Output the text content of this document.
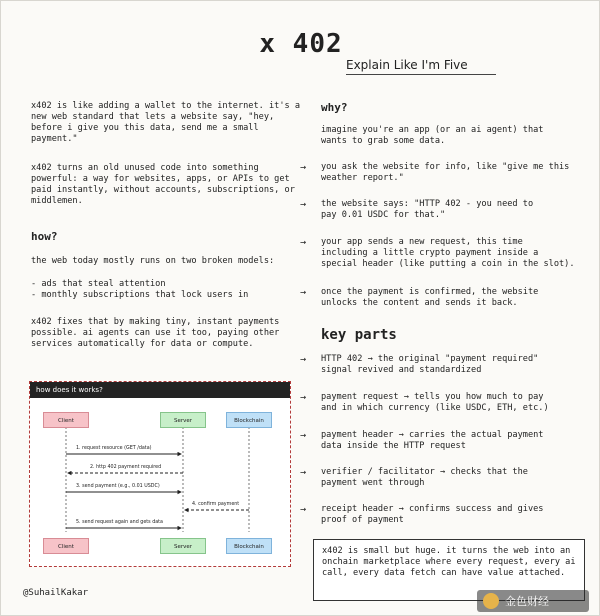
x 402
Explain Like I'm Five
x402 is like adding a wallet to the internet. it's a
new web standard that lets a website say, "hey,
before i give you this data, send me a small
payment."
x402 turns an old unused code into something
powerful: a way for websites, apps, or APIs to get
paid instantly, without accounts, subscriptions, or
middlemen.
how?
the web today mostly runs on two broken models:
- ads that steal attention
- monthly subscriptions that lock users in
x402 fixes that by making tiny, instant payments
possible. ai agents can use it too, paying other
services automatically for data or compute.
how does it works?
Client	Server	Blockchain
1. request resource (GET /data)
2. http 402 payment required
3. send payment (e.g., 0.01 USDC)
4. confirm payment
5. send request again and gets data
Client	Server	Blockchain
why?
imagine you're an app (or an ai agent) that
wants to grab some data.
→ you ask the website for info, like "give me this
weather report."
→ the website says: "HTTP 402 - you need to
pay 0.01 USDC for that."
→ your app sends a new request, this time
including a little crypto payment inside a
special header (like putting a coin in the slot).
→ once the payment is confirmed, the website
unlocks the content and sends it back.
key parts
→ HTTP 402 → the original "payment required"
signal revived and standardized
→ payment request → tells you how much to pay
and in which currency (like USDC, ETH, etc.)
→ payment header → carries the actual payment
data inside the HTTP request
→ verifier / facilitator → checks that the
payment went through
→ receipt header → confirms success and gives
proof of payment
x402 is small but huge. it turns the web into an
onchain marketplace where every request, every ai
call, every data fetch can have value attached.
@SuhailKakar
金色财经
